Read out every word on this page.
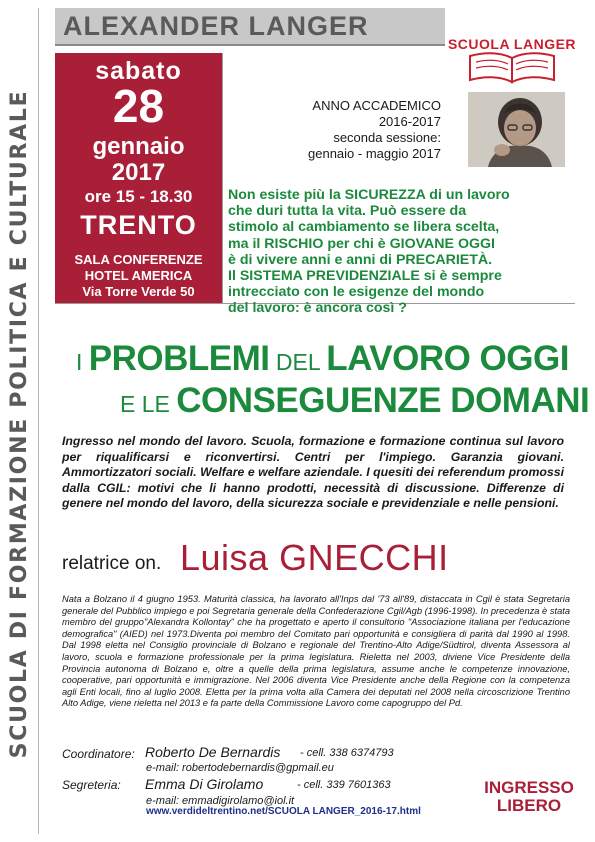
SCUOLA DI FORMAZIONE POLITICA E CULTURALE
ALEXANDER LANGER
SCUOLA LANGER
sabato
28
gennaio
2017
ore 15 - 18.30
TRENTO
SALA CONFERENZE
HOTEL AMERICA
Via Torre Verde 50
ANNO ACCADEMICO
2016-2017
seconda sessione:
gennaio - maggio 2017
Non esiste più la SICUREZZA di un lavoro
che duri tutta la vita. Può essere da
stimolo al cambiamento se libera scelta,
ma il RISCHIO per chi è GIOVANE OGGI
è di vivere anni e anni di PRECARIETÀ.
Il SISTEMA PREVIDENZIALE si è sempre
intrecciato con le esigenze del mondo
del lavoro: è ancora così ?
I PROBLEMI DEL LAVORO OGGI
E LE CONSEGUENZE DOMANI
Ingresso nel mondo del lavoro. Scuola, formazione e formazione continua sul lavoro per riqualificarsi e riconvertirsi. Centri per l'impiego. Garanzia giovani. Ammortizzatori sociali. Welfare e welfare aziendale. I quesiti dei referendum promossi dalla CGIL: motivi che li hanno prodotti, necessità di discussione. Differenze di genere nel mondo del lavoro, della sicurezza sociale e previdenziale e nelle pensioni.
relatrice on. Luisa GNECCHI
Nata a Bolzano il 4 giugno 1953. Maturità classica, ha lavorato all'Inps dal '73 all'89, distaccata in Cgil è stata Segretaria generale del Pubblico impiego e poi Segretaria generale della Confederazione Cgil/Agb (1996-1998). In precedenza è stata membro del gruppo"Alexandra Kollontay" che ha progettato e aperto il consultorio "Associazione italiana per l'educazione demografica" (AIED) nel 1973.Diventa poi membro del Comitato pari opportunità e consigliera di parità dal 1990 al 1998. Dal 1998 eletta nel Consiglio provinciale di Bolzano e regionale del Trentino-Alto Adige/Südtirol, diventa Assessora al lavoro, scuola e formazione professionale per la prima legislatura. Rieletta nel 2003, diviene Vice Presidente della Provincia autonoma di Bolzano e, oltre a quelle della prima legislatura, assume anche le competenze innovazione, cooperative, pari opportunità e immigrazione. Nel 2006 diventa Vice Presidente anche della Regione con la competenza agli Enti locali, fino al luglio 2008. Eletta per la prima volta alla Camera dei deputati nel 2008 nella circoscrizione Trentino Alto Adige, viene rieletta nel 2013 e fa parte della Commissione Lavoro come capogruppo del Pd.
Coordinatore: Roberto De Bernardis - cell. 338 6374793
e-mail: robertodebernardis@gpmail.eu
Segreteria: Emma Di Girolamo	- cell. 339 7601363
e-mail: emmadigirolamo@iol.it
www.verdideltrentino.net/SCUOLA LANGER_2016-17.html
INGRESSO
LIBERO
